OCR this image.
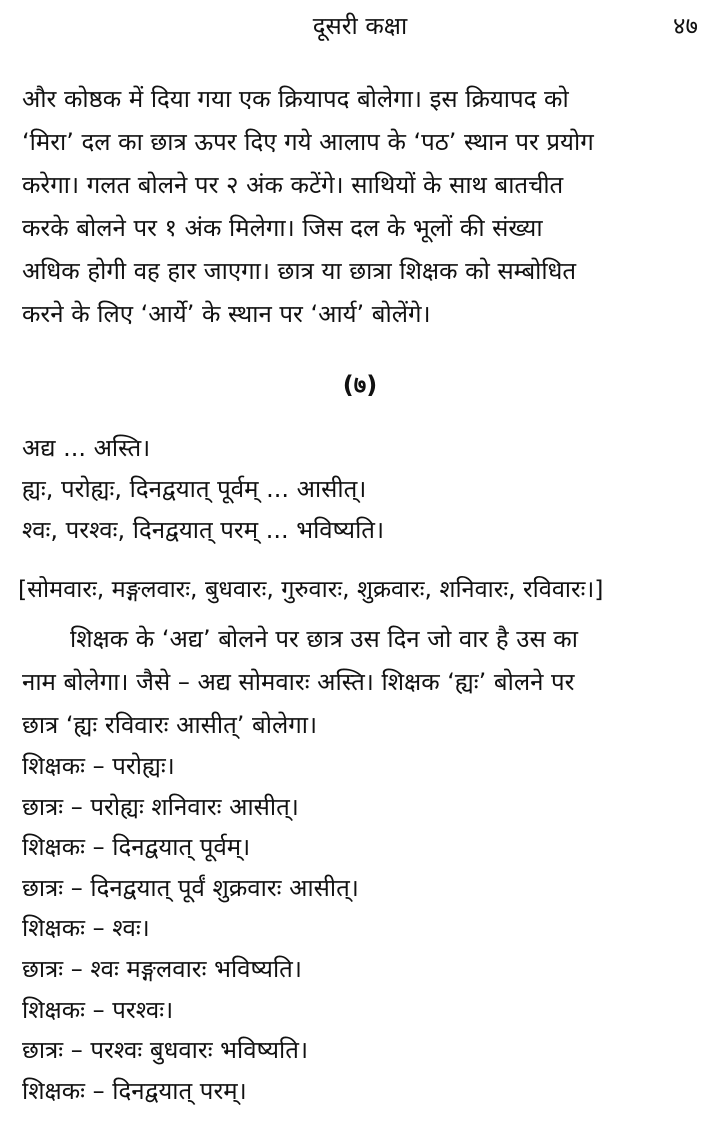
दूसरी कक्षा	४७
और कोष्ठक में दिया गया एक क्रियापद बोलेगा। इस क्रियापद को
‘मिरा’ दल का छात्र ऊपर दिए गये आलाप के ‘पठ’ स्थान पर प्रयोग
करेगा। गलत बोलने पर २ अंक कटेंगे। साथियों के साथ बातचीत
करके बोलने पर १ अंक मिलेगा। जिस दल के भूलों की संख्या
अधिक होगी वह हार जाएगा। छात्र या छात्रा शिक्षक को सम्बोधित
करने के लिए ‘आर्ये’ के स्थान पर ‘आर्य’ बोलेंगे।
(७)
अद्य ... अस्ति।
ह्यः, परोह्यः, दिनद्वयात् पूर्वम् ... आसीत्।
श्वः, परश्वः, दिनद्वयात् परम् ... भविष्यति।
[सोमवारः, मङ्गलवारः, बुधवारः, गुरुवारः, शुक्रवारः, शनिवारः, रविवारः।]
शिक्षक के ‘अद्य’ बोलने पर छात्र उस दिन जो वार है उस का
नाम बोलेगा। जैसे – अद्य सोमवारः अस्ति। शिक्षक ‘ह्यः’ बोलने पर
छात्र ‘ह्यः रविवारः आसीत्’ बोलेगा।
शिक्षकः – परोह्यः।
छात्रः – परोह्यः शनिवारः आसीत्।
शिक्षकः – दिनद्वयात् पूर्वम्।
छात्रः – दिनद्वयात् पूर्वं शुक्रवारः आसीत्।
शिक्षकः – श्वः।
छात्रः – श्वः मङ्गलवारः भविष्यति।
शिक्षकः – परश्वः।
छात्रः – परश्वः बुधवारः भविष्यति।
शिक्षकः – दिनद्वयात् परम्।
